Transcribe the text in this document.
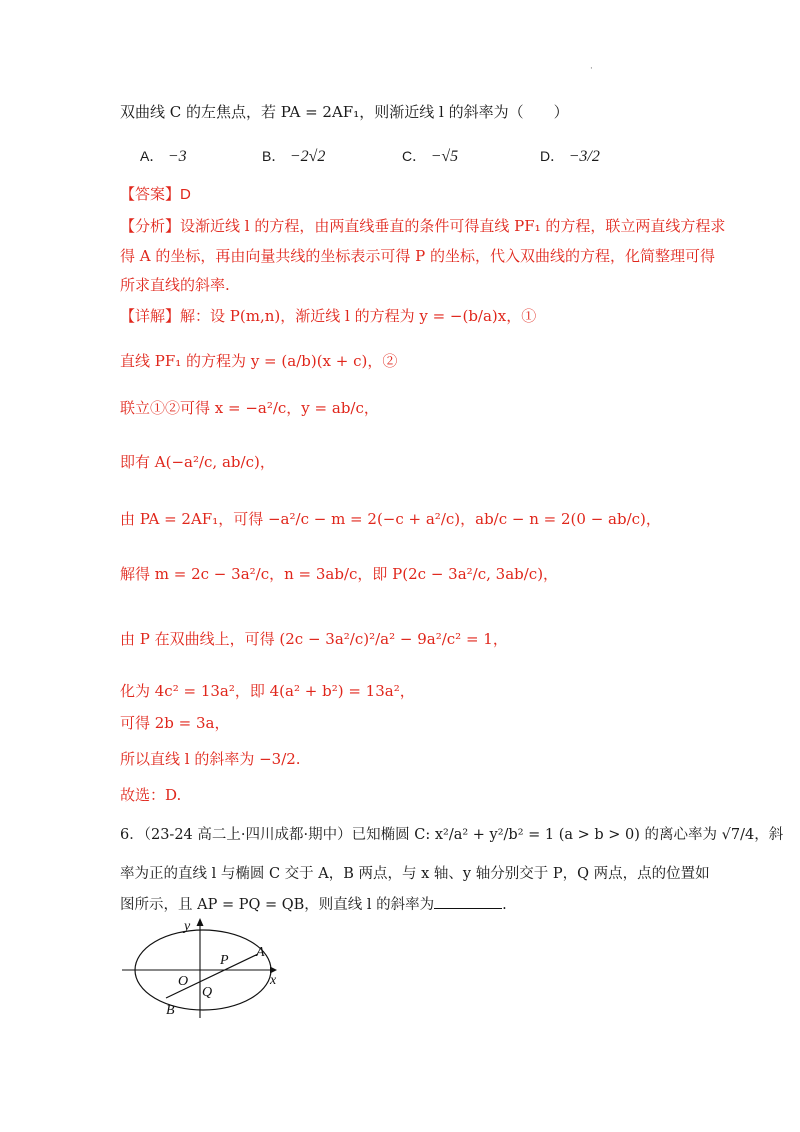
·
双曲线 C 的左焦点，若 PA = 2AF₁，则渐近线 l 的斜率为（　　）
A． −3	B． −2√2	C． −√5	D． −3/2
【答案】D
【分析】设渐近线 l 的方程，由两直线垂直的条件可得直线 PF₁ 的方程，联立两直线方程求
得 A 的坐标，再由向量共线的坐标表示可得 P 的坐标，代入双曲线的方程，化简整理可得
所求直线的斜率.
【详解】解：设 P(m,n)，渐近线 l 的方程为 y = −(b/a)x，①
直线 PF₁ 的方程为 y = (a/b)(x + c)，②
联立①②可得 x = −a²/c，y = ab/c，
即有 A(−a²/c, ab/c)，
由 PA = 2AF₁，可得 −a²/c − m = 2(−c + a²/c)，ab/c − n = 2(0 − ab/c)，
解得 m = 2c − 3a²/c，n = 3ab/c，即 P(2c − 3a²/c, 3ab/c)，
由 P 在双曲线上，可得 (2c − 3a²/c)²/a² − 9a²/c² = 1，
化为 4c² = 13a²，即 4(a² + b²) = 13a²，
可得 2b = 3a，
所以直线 l 的斜率为 −3/2.
故选：D.
6．（23-24 高二上·四川成都·期中）已知椭圆 C: x²/a² + y²/b² = 1 (a > b > 0) 的离心率为 √7/4，斜
率为正的直线 l 与椭圆 C 交于 A，B 两点，与 x 轴、y 轴分别交于 P，Q 两点，点的位置如
图所示，且 AP = PQ = QB，则直线 l 的斜率为	.
y
x
O
A
P
Q
B
